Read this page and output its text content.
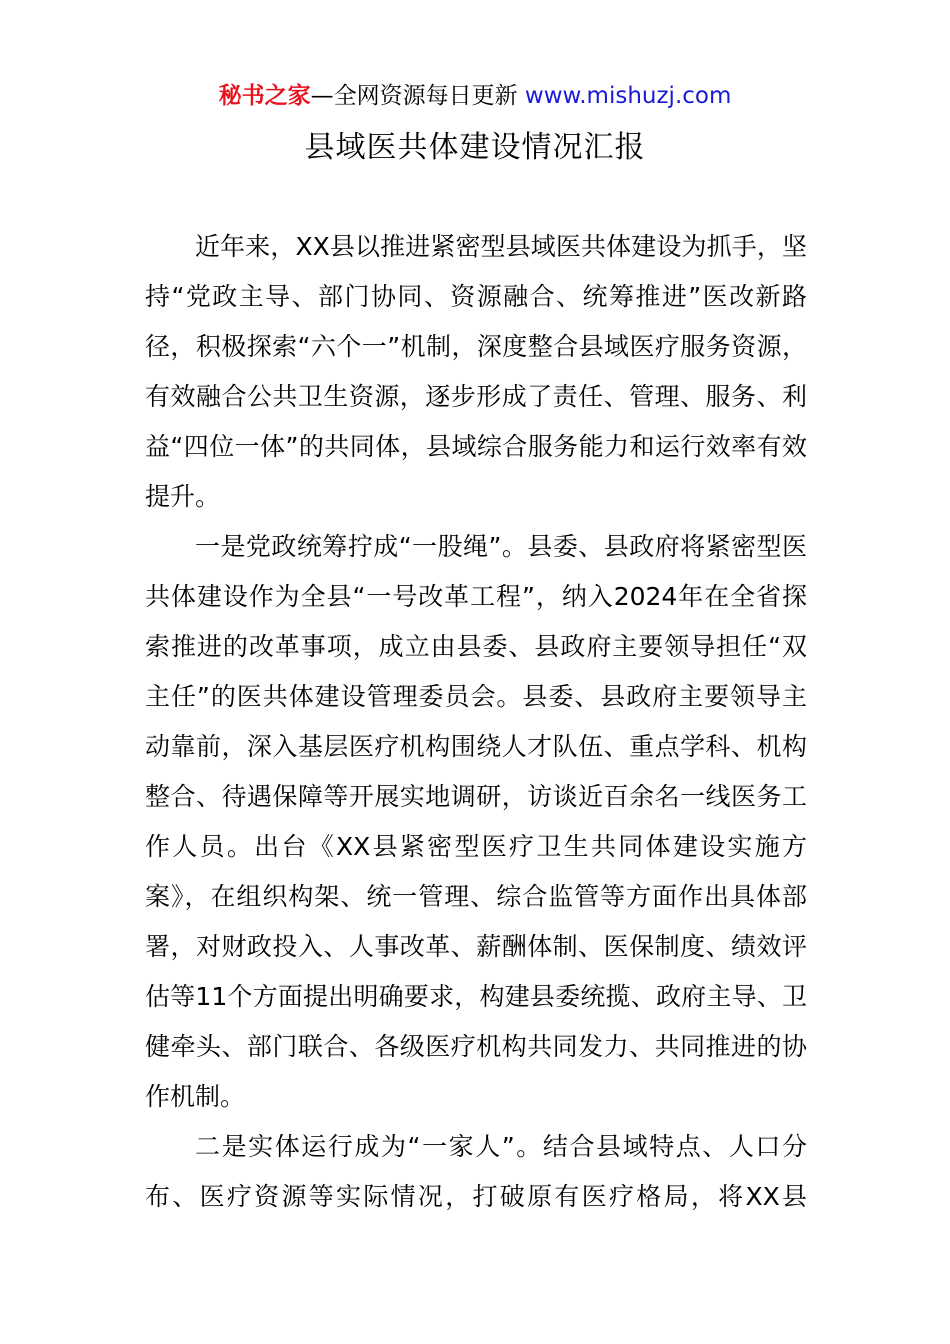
秘书之家—全网资源每日更新 www.mishuzj.com
县域医共体建设情况汇报

近年来，XX县以推进紧密型县域医共体建设为抓手，坚持“党政主导、部门协同、资源融合、统筹推进”医改新路径，积极探索“六个一”机制，深度整合县域医疗服务资源，有效融合公共卫生资源，逐步形成了责任、管理、服务、利益“四位一体”的共同体，县域综合服务能力和运行效率有效提升。

一是党政统筹拧成“一股绳”。县委、县政府将紧密型医共体建设作为全县“一号改革工程”，纳入2024年在全省探索推进的改革事项，成立由县委、县政府主要领导担任“双主任”的医共体建设管理委员会。县委、县政府主要领导主动靠前，深入基层医疗机构围绕人才队伍、重点学科、机构整合、待遇保障等开展实地调研，访谈近百余名一线医务工作人员。出台《XX县紧密型医疗卫生共同体建设实施方案》，在组织构架、统一管理、综合监管等方面作出具体部署，对财政投入、人事改革、薪酬体制、医保制度、绩效评估等11个方面提出明确要求，构建县委统揽、政府主导、卫健牵头、部门联合、各级医疗机构共同发力、共同推进的协作机制。

二是实体运行成为“一家人”。结合县域特点、人口分布、医疗资源等实际情况，打破原有医疗格局，将XX县
